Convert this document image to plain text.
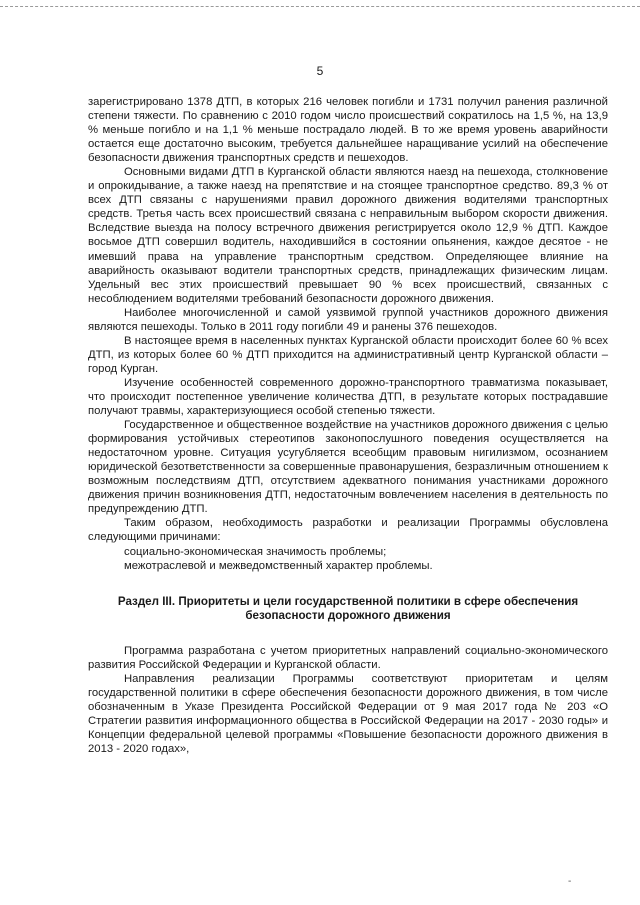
5

зарегистрировано 1378 ДТП, в которых 216 человек погибли и 1731 получил ранения различной степени тяжести. По сравнению с 2010 годом число происшествий сократилось на 1,5 %, на 13,9 % меньше погибло и на 1,1 % меньше пострадало людей. В то же время уровень аварийности остается еще достаточно высоким, требуется дальнейшее наращивание усилий на обеспечение безопасности движения транспортных средств и пешеходов.

Основными видами ДТП в Курганской области являются наезд на пешехода, столкновение и опрокидывание, а также наезд на препятствие и на стоящее транспортное средство. 89,3 % от всех ДТП связаны с нарушениями правил дорожного движения водителями транспортных средств. Третья часть всех происшествий связана с неправильным выбором скорости движения. Вследствие выезда на полосу встречного движения регистрируется около 12,9 % ДТП. Каждое восьмое ДТП совершил водитель, находившийся в состоянии опьянения, каждое десятое - не имевший права на управление транспортным средством. Определяющее влияние на аварийность оказывают водители транспортных средств, принадлежащих физическим лицам. Удельный вес этих происшествий превышает 90 % всех происшествий, связанных с несоблюдением водителями требований безопасности дорожного движения.

Наиболее многочисленной и самой уязвимой группой участников дорожного движения являются пешеходы. Только в 2011 году погибли 49 и ранены 376 пешеходов.

В настоящее время в населенных пунктах Курганской области происходит более 60 % всех ДТП, из которых более 60 % ДТП приходится на административный центр Курганской области – город Курган.

Изучение особенностей современного дорожно-транспортного травматизма показывает, что происходит постепенное увеличение количества ДТП, в результате которых пострадавшие получают травмы, характеризующиеся особой степенью тяжести.

Государственное и общественное воздействие на участников дорожного движения с целью формирования устойчивых стереотипов законопослушного поведения осуществляется на недостаточном уровне. Ситуация усугубляется всеобщим правовым нигилизмом, осознанием юридической безответственности за совершенные правонарушения, безразличным отношением к возможным последствиям ДТП, отсутствием адекватного понимания участниками дорожного движения причин возникновения ДТП, недостаточным вовлечением населения в деятельность по предупреждению ДТП.

Таким образом, необходимость разработки и реализации Программы обусловлена следующими причинами:

социально-экономическая значимость проблемы;

межотраслевой и межведомственный характер проблемы.

Раздел III. Приоритеты и цели государственной политики в сфере обеспечения
безопасности дорожного движения

Программа разработана с учетом приоритетных направлений социально-экономического развития Российской Федерации и Курганской области.

Направления реализации Программы соответствуют приоритетам и целям государственной политики в сфере обеспечения безопасности дорожного движения, в том числе обозначенным в Указе Президента Российской Федерации от 9 мая 2017 года № 203 «О Стратегии развития информационного общества в Российской Федерации на 2017 - 2030 годы» и Концепции федеральной целевой программы «Повышение безопасности дорожного движения в 2013 - 2020 годах»,

-
